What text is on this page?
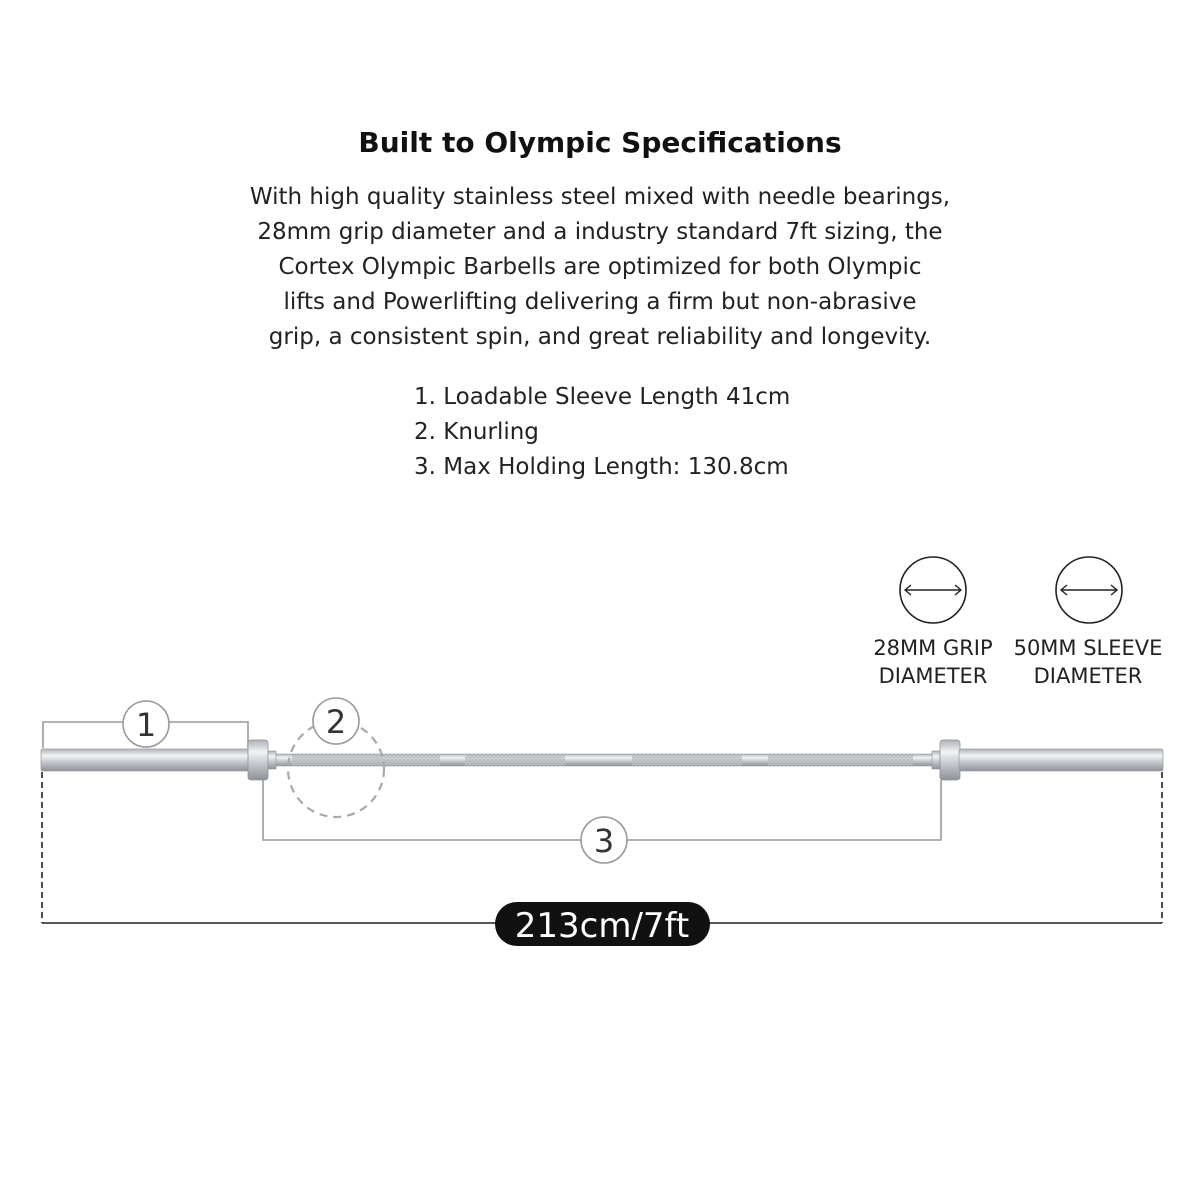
Built to Olympic Specifications

With high quality stainless steel mixed with needle bearings,
28mm grip diameter and a industry standard 7ft sizing, the
Cortex Olympic Barbells are optimized for both Olympic
lifts and Powerlifting delivering a firm but non-abrasive
grip, a consistent spin, and great reliability and longevity.

1. Loadable Sleeve Length 41cm
2. Knurling
3. Max Holding Length: 130.8cm
28MM GRIP
DIAMETER
50MM SLEEVE
DIAMETER
1	2
3
213cm/7ft
